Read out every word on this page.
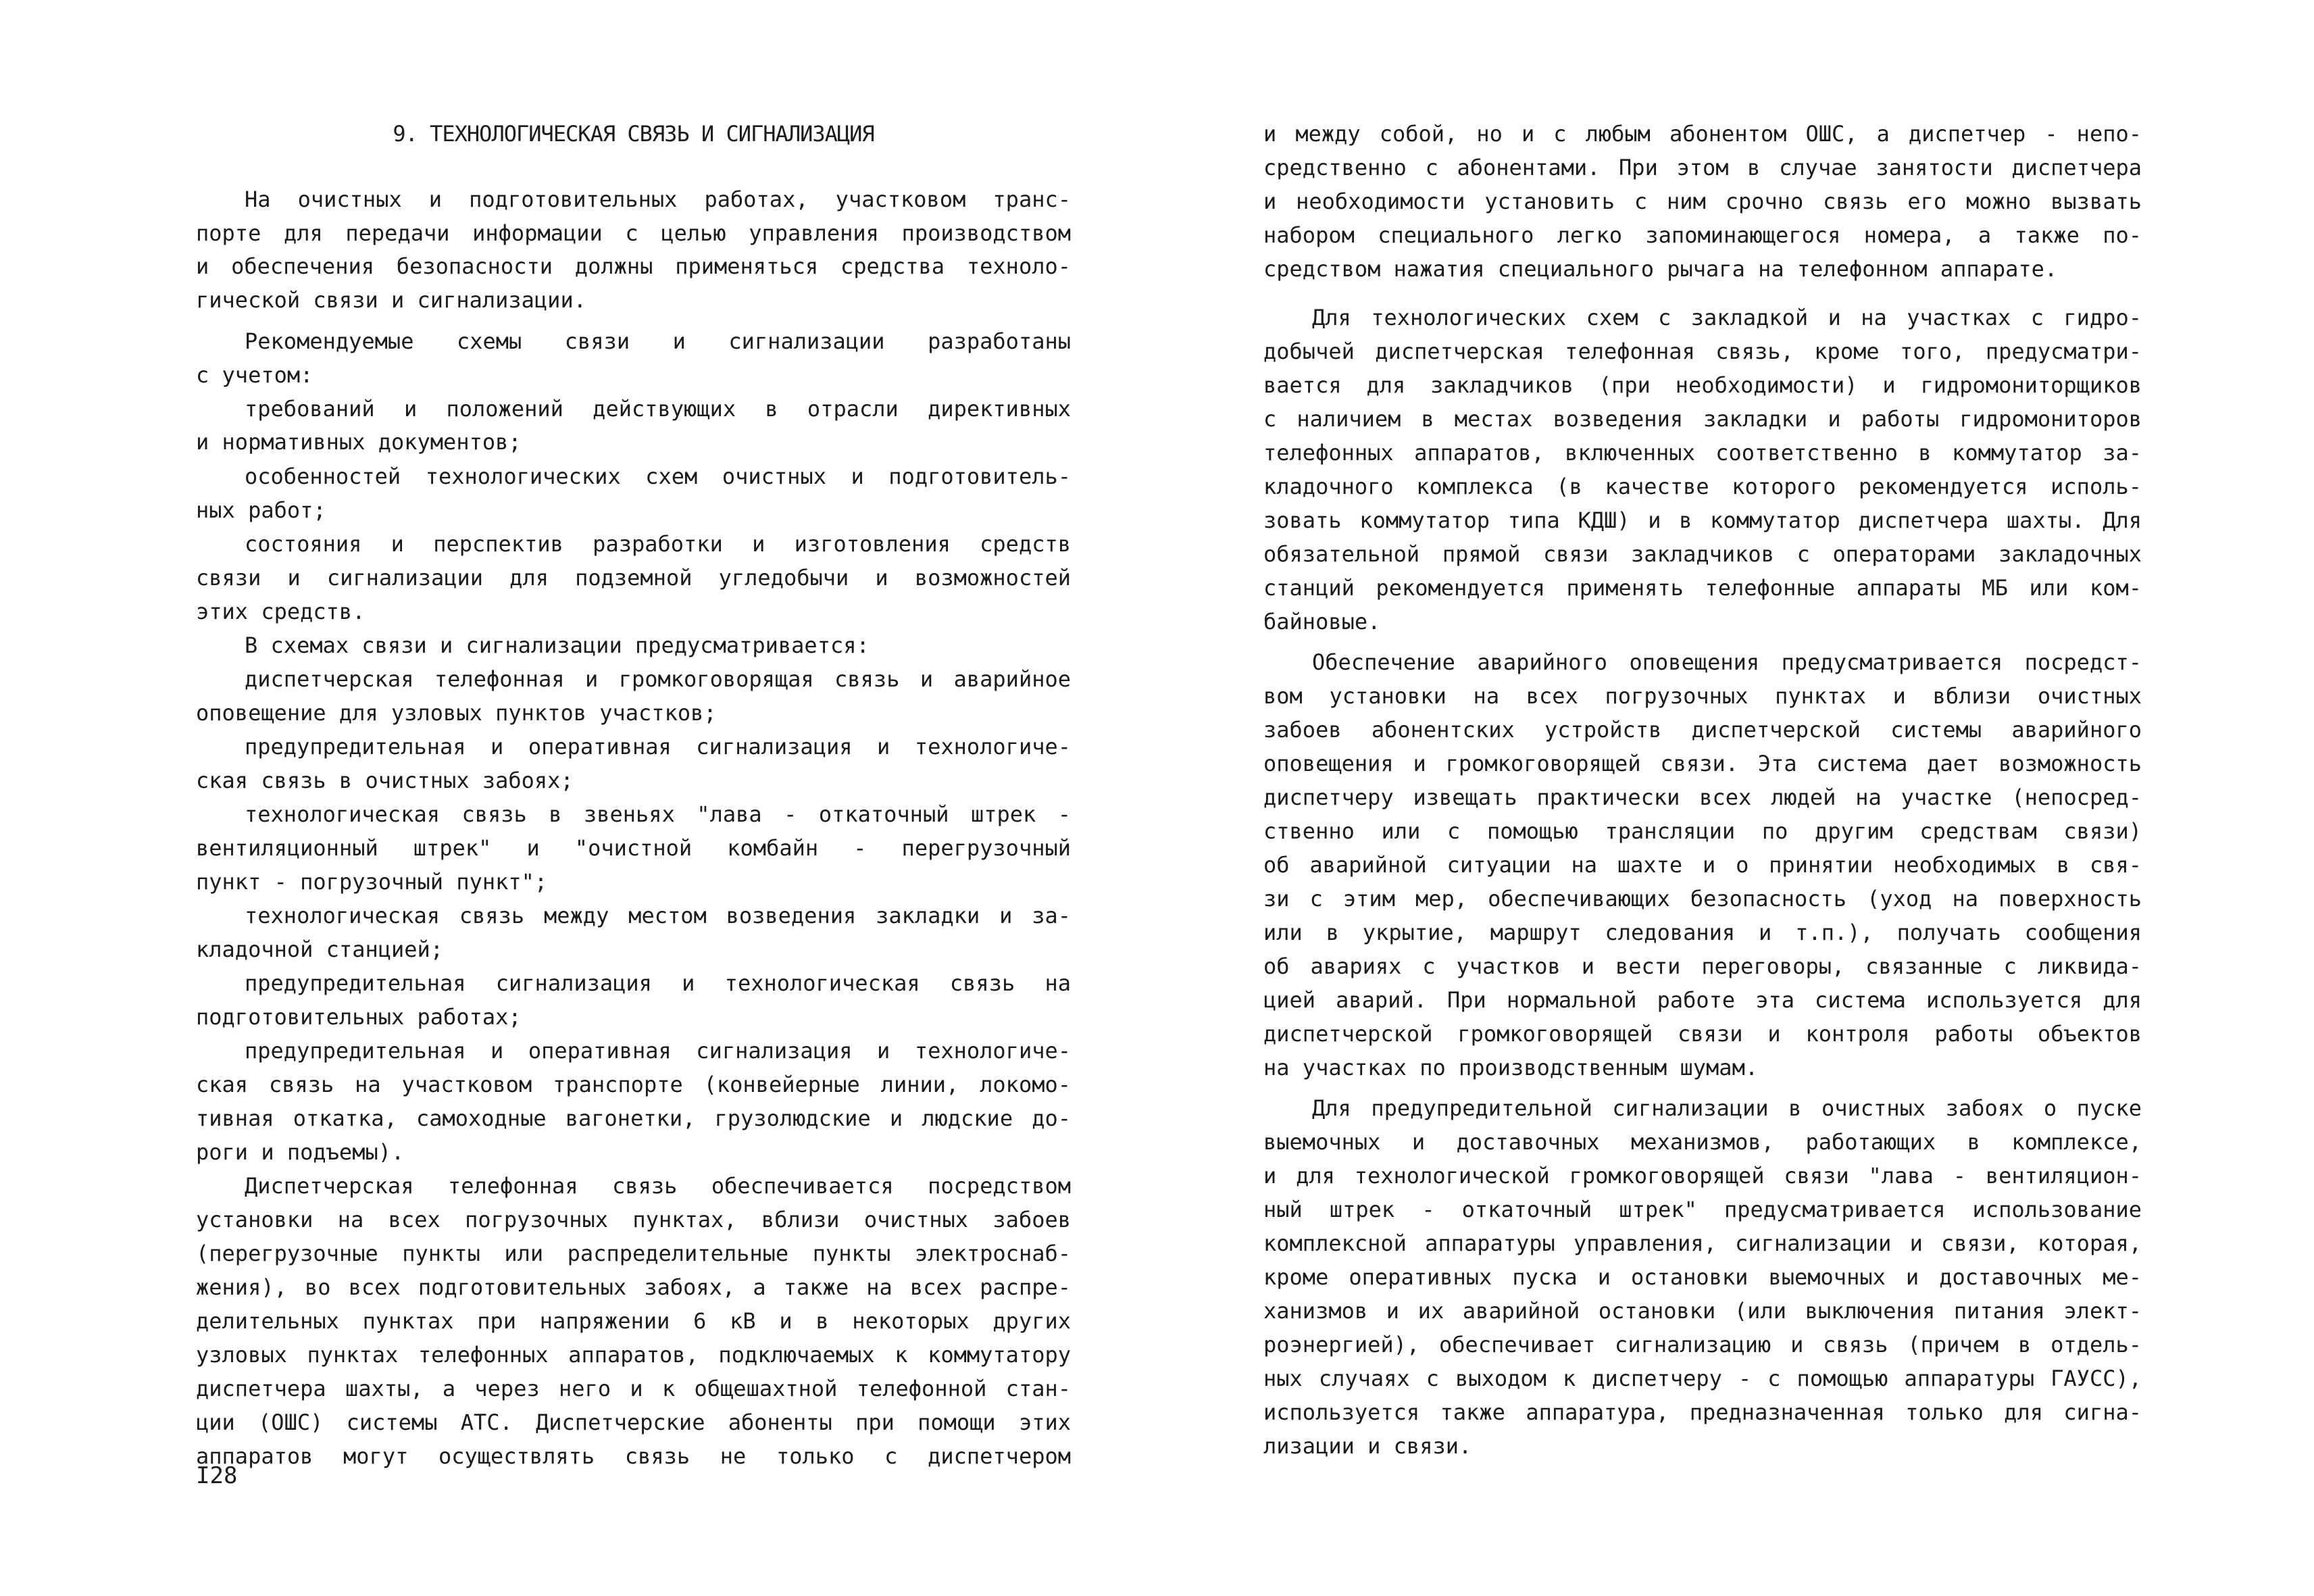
9. ТЕХНОЛОГИЧЕСКАЯ СВЯЗЬ И СИГНАЛИЗАЦИЯ
На очистных и подготовительных работах, участковом транс-
порте для передачи информации с целью управления производством
и обеспечения безопасности должны применяться средства техноло-
гической связи и сигнализации.
Рекомендуемые схемы связи и сигнализации разработаны
с учетом:
требований и положений действующих в отрасли директивных
и нормативных документов;
особенностей технологических схем очистных и подготовитель-
ных работ;
состояния и перспектив разработки и изготовления средств
связи и сигнализации для подземной угледобычи и возможностей
этих средств.
В схемах связи и сигнализации предусматривается:
диспетчерская телефонная и громкоговорящая связь и аварийное
оповещение для узловых пунктов участков;
предупредительная и оперативная сигнализация и технологиче-
ская связь в очистных забоях;
технологическая связь в звеньях "лава - откаточный штрек -
вентиляционный штрек" и "очистной комбайн - перегрузочный
пункт - погрузочный пункт";
технологическая связь между местом возведения закладки и за-
кладочной станцией;
предупредительная сигнализация и технологическая связь на
подготовительных работах;
предупредительная и оперативная сигнализация и технологиче-
ская связь на участковом транспорте (конвейерные линии, локомо-
тивная откатка, самоходные вагонетки, грузолюдские и людские до-
роги и подъемы).
Диспетчерская телефонная связь обеспечивается посредством
установки на всех погрузочных пунктах, вблизи очистных забоев
(перегрузочные пункты или распределительные пункты электроснаб-
жения), во всех подготовительных забоях, а также на всех распре-
делительных пунктах при напряжении 6 кВ и в некоторых других
узловых пунктах телефонных аппаратов, подключаемых к коммутатору
диспетчера шахты, а через него и к общешахтной телефонной стан-
ции (ОШС) системы АТС. Диспетчерские абоненты при помощи этих
аппаратов могут осуществлять связь не только с диспетчером
I28
и между собой, но и с любым абонентом ОШС, а диспетчер - непо-
средственно с абонентами. При этом в случае занятости диспетчера
и необходимости установить с ним срочно связь его можно вызвать
набором специального легко запоминающегося номера, а также по-
средством нажатия специального рычага на телефонном аппарате.
Для технологических схем с закладкой и на участках с гидро-
добычей диспетчерская телефонная связь, кроме того, предусматри-
вается для закладчиков (при необходимости) и гидромониторщиков
с наличием в местах возведения закладки и работы гидромониторов
телефонных аппаратов, включенных соответственно в коммутатор за-
кладочного комплекса (в качестве которого рекомендуется исполь-
зовать коммутатор типа КДШ) и в коммутатор диспетчера шахты. Для
обязательной прямой связи закладчиков с операторами закладочных
станций рекомендуется применять телефонные аппараты МБ или ком-
байновые.
Обеспечение аварийного оповещения предусматривается посредст-
вом установки на всех погрузочных пунктах и вблизи очистных
забоев абонентских устройств диспетчерской системы аварийного
оповещения и громкоговорящей связи. Эта система дает возможность
диспетчеру извещать практически всех людей на участке (непосред-
ственно или с помощью трансляции по другим средствам связи)
об аварийной ситуации на шахте и о принятии необходимых в свя-
зи с этим мер, обеспечивающих безопасность (уход на поверхность
или в укрытие, маршрут следования и т.п.), получать сообщения
об авариях с участков и вести переговоры, связанные с ликвида-
цией аварий. При нормальной работе эта система используется для
диспетчерской громкоговорящей связи и контроля работы объектов
на участках по производственным шумам.
Для предупредительной сигнализации в очистных забоях о пуске
выемочных и доставочных механизмов, работающих в комплексе,
и для технологической громкоговорящей связи "лава - вентиляцион-
ный штрек - откаточный штрек" предусматривается использование
комплексной аппаратуры управления, сигнализации и связи, которая,
кроме оперативных пуска и остановки выемочных и доставочных ме-
ханизмов и их аварийной остановки (или выключения питания элект-
роэнергией), обеспечивает сигнализацию и связь (причем в отдель-
ных случаях с выходом к диспетчеру - с помощью аппаратуры ГАУСС),
используется также аппаратура, предназначенная только для сигна-
лизации и связи.
